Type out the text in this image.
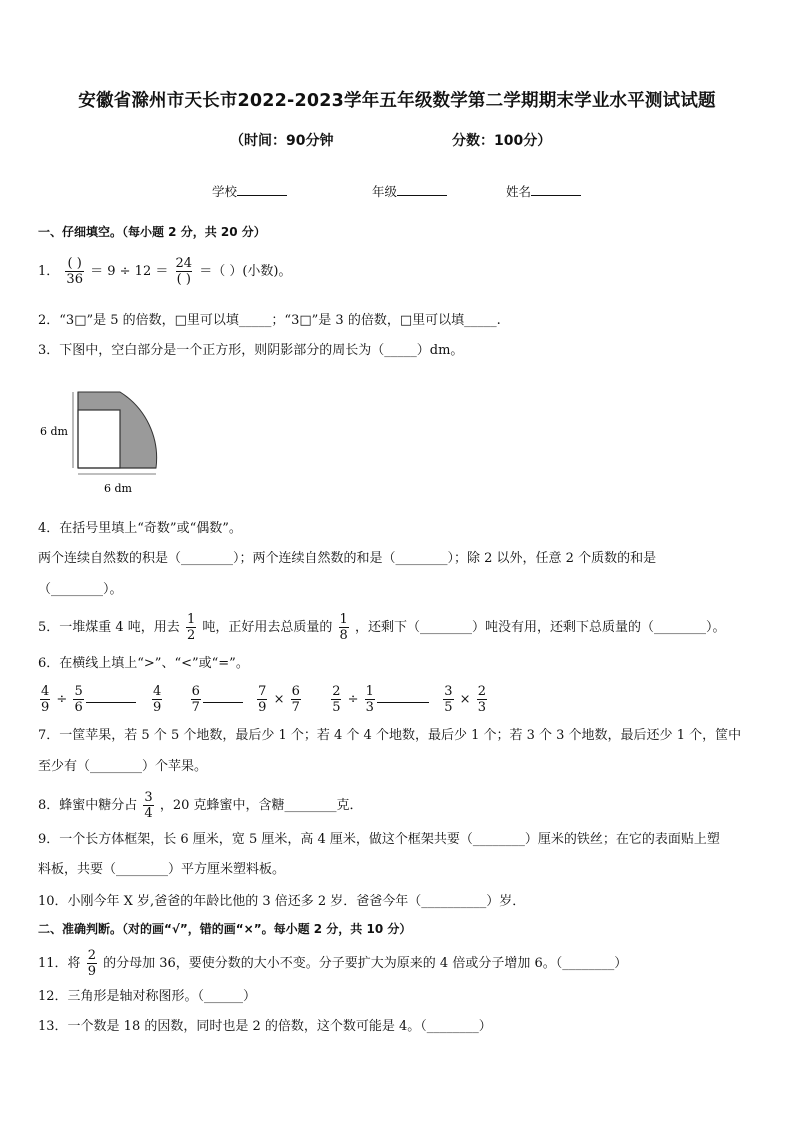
安徽省滁州市天长市2022-2023学年五年级数学第二学期期末学业水平测试试题
（时间：90分钟	分数：100分）
学校	年级	姓名
一、仔细填空。（每小题 2 分，共 20 分）
1． $\frac{( )}{36} = 9 \div 12 = \frac{24}{( )}$ ＝（ ）(小数)。
2．“3□”是 5 的倍数，□里可以填_____；“3□”是 3 的倍数，□里可以填_____.
3．下图中，空白部分是一个正方形，则阴影部分的周长为（_____）dm。
6 dm
6 dm
4．在括号里填上“奇数”或“偶数”。
两个连续自然数的积是（________）；两个连续自然数的和是（________）；除 2 以外，任意 2 个质数的和是
（________）。
5．一堆煤重 4 吨，用去 $\frac{1}{2}$ 吨，正好用去总质量的 $\frac{1}{8}$ ，还剩下（________）吨没有用，还剩下总质量的（________）。
6．在横线上填上“>”、“<”或“=”。
$\frac{4}{9} \div \frac{5}{6}$
	$\frac{4}{9}$
$\frac{6}{7}$
	$\frac{7}{9} \times \frac{6}{7}$
$\frac{2}{5} \div \frac{1}{3}$
	$\frac{3}{5} \times \frac{2}{3}$
7．一筐苹果，若 5 个 5 个地数，最后少 1 个；若 4 个 4 个地数，最后少 1 个；若 3 个 3 个地数，最后还少 1 个，筐中
至少有（________）个苹果。
8．蜂蜜中糖分占 $\frac{3}{4}$ ，20 克蜂蜜中，含糖________克．
9．一个长方体框架，长 6 厘米，宽 5 厘米，高 4 厘米，做这个框架共要（________）厘米的铁丝；在它的表面贴上塑
料板，共要（________）平方厘米塑料板。
10．小刚今年 X 岁,爸爸的年龄比他的 3 倍还多 2 岁．爸爸今年（__________）岁．
二、准确判断。（对的画“√”，错的画“×”。每小题 2 分，共 10 分）
11．将 $\frac{2}{9}$ 的分母加 36，要使分数的大小不变。分子要扩大为原来的 4 倍或分子增加 6。（________）
12．三角形是轴对称图形。（______）
13．一个数是 18 的因数，同时也是 2 的倍数，这个数可能是 4。（________）
